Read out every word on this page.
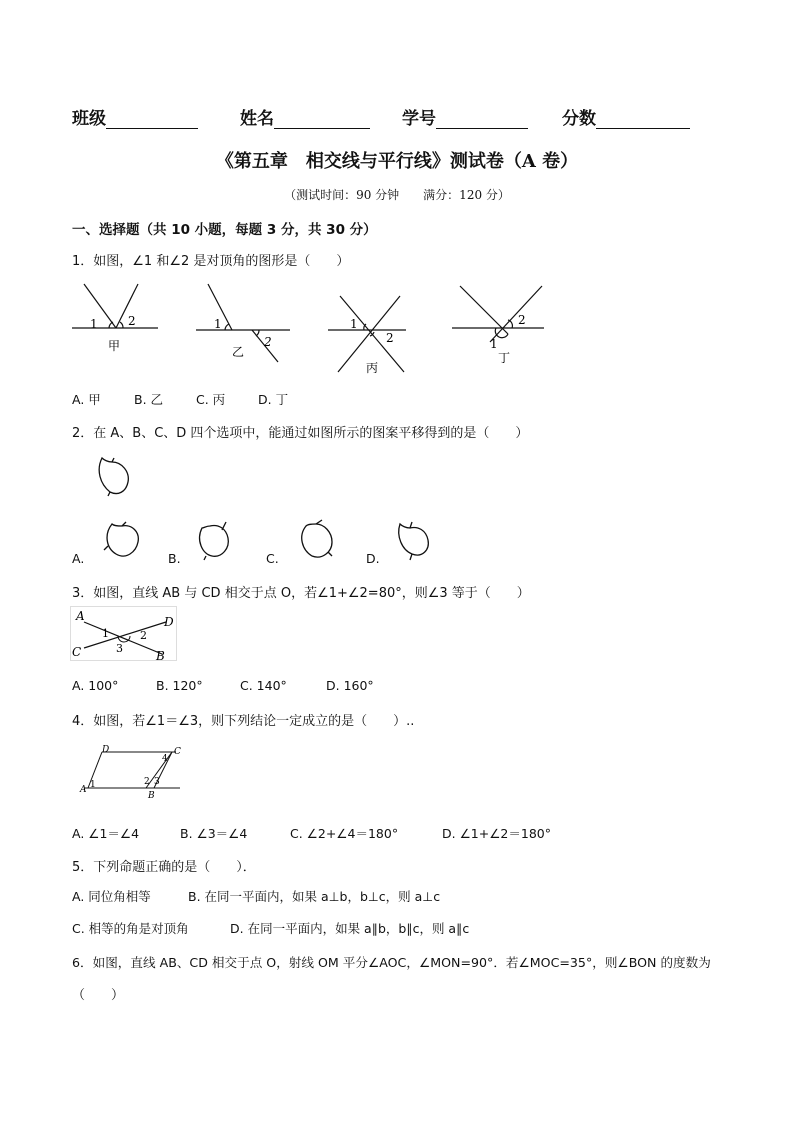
班级	姓名	学号	分数
《第五章　相交线与平行线》测试卷（A 卷）
（测试时间：90 分钟　　满分：120 分）
一、选择题（共 10 小题，每题 3 分，共 30 分）
1．如图，∠1 和∠2 是对顶角的图形是（　　）
1	2
甲
1
2
乙
1
2
丙
2
1
丁
A. 甲	B. 乙	C. 丙	D. 丁
2．在 A、B、C、D 四个选项中，能通过如图所示的图案平移得到的是（　　）
A.	B.	C.	D.
3．如图，直线 AB 与 CD 相交于点 O，若∠1+∠2=80°，则∠3 等于（　　）
A	D
C	B
1	2
3
A. 100°	B. 120°	C. 140°	D. 160°
4．如图，若∠1＝∠3，则下列结论一定成立的是（　　）..
D	C
A
B
1
4
2 3
A. ∠1＝∠4	B. ∠3＝∠4	C. ∠2+∠4＝180°	D. ∠1+∠2＝180°
5．下列命题正确的是（　　）．
A. 同位角相等	B. 在同一平面内，如果 a⊥b，b⊥c，则 a⊥c
C. 相等的角是对顶角	D. 在同一平面内，如果 a∥b，b∥c，则 a∥c
6．如图，直线 AB、CD 相交于点 O，射线 OM 平分∠AOC，∠MON=90°．若∠MOC=35°，则∠BON 的度数为
（　　）
